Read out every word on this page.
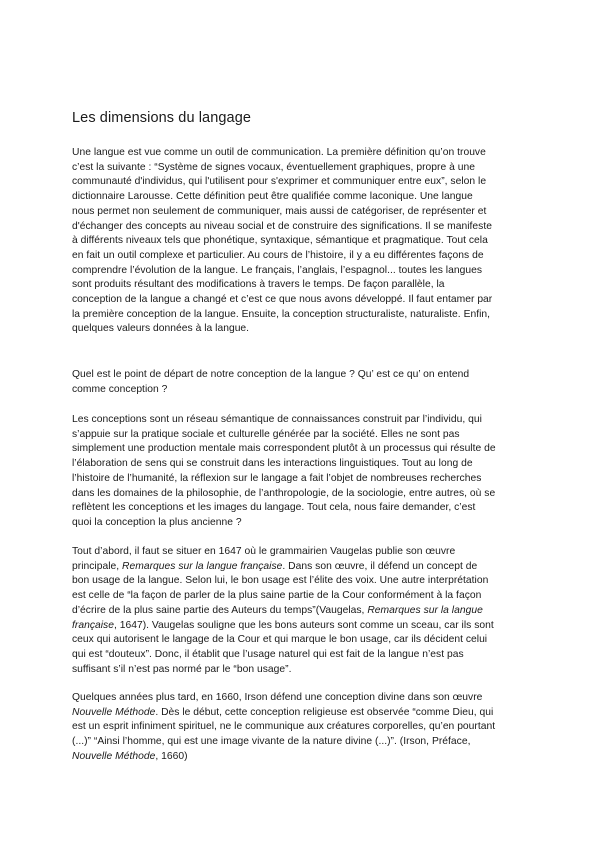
Les dimensions du langage
Une langue est vue comme un outil de communication. La première définition qu’on trouve
c’est la suivante : “Système de signes vocaux, éventuellement graphiques, propre à une
communauté d'individus, qui l'utilisent pour s'exprimer et communiquer entre eux”, selon le
dictionnaire Larousse. Cette définition peut être qualifiée comme laconique. Une langue
nous permet non seulement de communiquer, mais aussi de catégoriser, de représenter et
d'échanger des concepts au niveau social et de construire des significations. Il se manifeste
à différents niveaux tels que phonétique, syntaxique, sémantique et pragmatique. Tout cela
en fait un outil complexe et particulier. Au cours de l’histoire, il y a eu différentes façons de
comprendre l’évolution de la langue. Le français, l’anglais, l’espagnol... toutes les langues
sont produits résultant des modifications à travers le temps. De façon parallèle, la
conception de la langue a changé et c’est ce que nous avons développé. Il faut entamer par
la première conception de la langue. Ensuite, la conception structuraliste, naturaliste. Enfin,
quelques valeurs données à la langue.
Quel est le point de départ de notre conception de la langue ? Qu’ est ce qu’ on entend
comme conception ?
Les conceptions sont un réseau sémantique de connaissances construit par l’individu, qui
s’appuie sur la pratique sociale et culturelle générée par la société. Elles ne sont pas
simplement une production mentale mais correspondent plutôt à un processus qui résulte de
l’élaboration de sens qui se construit dans les interactions linguistiques. Tout au long de
l’histoire de l’humanité, la réflexion sur le langage a fait l’objet de nombreuses recherches
dans les domaines de la philosophie, de l’anthropologie, de la sociologie, entre autres, où se
reflètent les conceptions et les images du langage. Tout cela, nous faire demander, c’est
quoi la conception la plus ancienne ?
Tout d’abord, il faut se situer en 1647 où le grammairien Vaugelas publie son œuvre
principale, Remarques sur la langue française. Dans son œuvre, il défend un concept de
bon usage de la langue. Selon lui, le bon usage est l’élite des voix. Une autre interprétation
est celle de “la façon de parler de la plus saine partie de la Cour conformément à la façon
d’écrire de la plus saine partie des Auteurs du temps”(Vaugelas, Remarques sur la langue
française, 1647). Vaugelas souligne que les bons auteurs sont comme un sceau, car ils sont
ceux qui autorisent le langage de la Cour et qui marque le bon usage, car ils décident celui
qui est “douteux”. Donc, il établit que l’usage naturel qui est fait de la langue n’est pas
suffisant s’il n’est pas normé par le “bon usage”.
Quelques années plus tard, en 1660, Irson défend une conception divine dans son œuvre
Nouvelle Méthode. Dès le début, cette conception religieuse est observée “comme Dieu, qui
est un esprit infiniment spirituel, ne le communique aux créatures corporelles, qu’en pourtant
(...)” “Ainsi l’homme, qui est une image vivante de la nature divine (...)”. (Irson, Préface,
Nouvelle Méthode, 1660)
